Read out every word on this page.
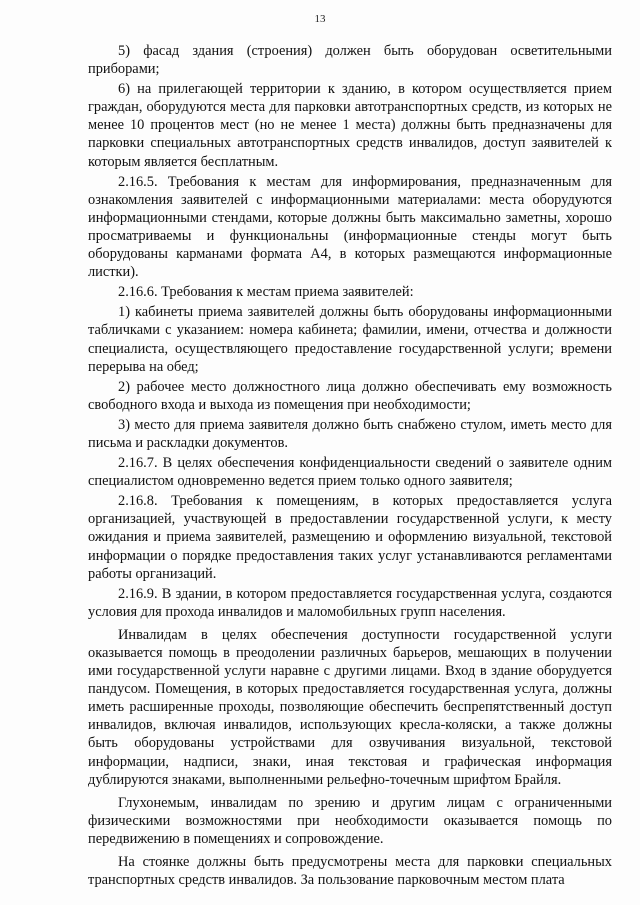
13

5) фасад здания (строения) должен быть оборудован осветительными приборами;

6) на прилегающей территории к зданию, в котором осуществляется прием граждан, оборудуются места для парковки автотранспортных средств, из которых не менее 10 процентов мест (но не менее 1 места) должны быть предназначены для парковки специальных автотранспортных средств инвалидов, доступ заявителей к которым является бесплатным.

2.16.5. Требования к местам для информирования, предназначенным для ознакомления заявителей с информационными материалами: места оборудуются информационными стендами, которые должны быть максимально заметны, хорошо просматриваемы и функциональны (информационные стенды могут быть оборудованы карманами формата А4, в которых размещаются информационные листки).

2.16.6. Требования к местам приема заявителей:

1) кабинеты приема заявителей должны быть оборудованы информационными табличками с указанием: номера кабинета; фамилии, имени, отчества и должности специалиста, осуществляющего предоставление государственной услуги; времени перерыва на обед;

2) рабочее место должностного лица должно обеспечивать ему возможность свободного входа и выхода из помещения при необходимости;

3) место для приема заявителя должно быть снабжено стулом, иметь место для письма и раскладки документов.

2.16.7. В целях обеспечения конфиденциальности сведений о заявителе одним специалистом одновременно ведется прием только одного заявителя;

2.16.8. Требования к помещениям, в которых предоставляется услуга организацией, участвующей в предоставлении государственной услуги, к месту ожидания и приема заявителей, размещению и оформлению визуальной, текстовой информации о порядке предоставления таких услуг устанавливаются регламентами работы организаций.

2.16.9. В здании, в котором предоставляется государственная услуга, создаются условия для прохода инвалидов и маломобильных групп населения.

Инвалидам в целях обеспечения доступности государственной услуги оказывается помощь в преодолении различных барьеров, мешающих в получении ими государственной услуги наравне с другими лицами. Вход в здание оборудуется пандусом. Помещения, в которых предоставляется государственная услуга, должны иметь расширенные проходы, позволяющие обеспечить беспрепятственный доступ инвалидов, включая инвалидов, использующих кресла-коляски, а также должны быть оборудованы устройствами для озвучивания визуальной, текстовой информации, надписи, знаки, иная текстовая и графическая информация дублируются знаками, выполненными рельефно-точечным шрифтом Брайля.

Глухонемым, инвалидам по зрению и другим лицам с ограниченными физическими возможностями при необходимости оказывается помощь по передвижению в помещениях и сопровождение.

На стоянке должны быть предусмотрены места для парковки специальных транспортных средств инвалидов. За пользование парковочным местом плата
